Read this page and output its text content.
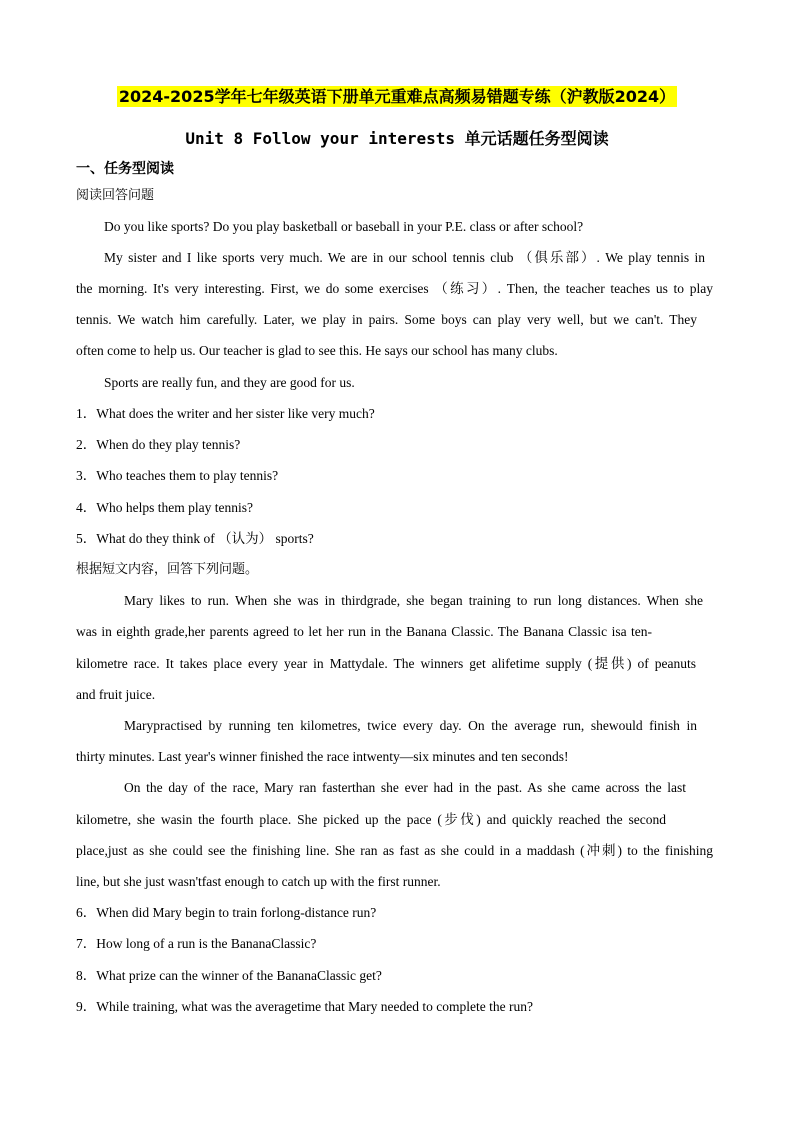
2024-2025学年七年级英语下册单元重难点高频易错题专练（沪教版2024）
Unit 8 Follow your interests 单元话题任务型阅读
一、任务型阅读
阅读回答问题
Do you like sports? Do you play basketball or baseball in your P.E. class or after school?
My sister and I like sports very much. We are in our school tennis club （俱乐部）. We play tennis in
the morning. It's very interesting. First, we do some exercises （练习）. Then, the teacher teaches us to play
tennis. We watch him carefully. Later, we play in pairs. Some boys can play very well, but we can't. They
often come to help us. Our teacher is glad to see this. He says our school has many clubs.
Sports are really fun, and they are good for us.
1．What does the writer and her sister like very much?
2．When do they play tennis?
3．Who teaches them to play tennis?
4．Who helps them play tennis?
5．What do they think of （认为） sports?
根据短文内容，回答下列问题。
Mary likes to run. When she was in thirdgrade, she began training to run long distances. When she
was in eighth grade,her parents agreed to let her run in the Banana Classic. The Banana Classic isa ten-
kilometre race. It takes place every year in Mattydale. The winners get alifetime supply (提供) of peanuts
and fruit juice.
Marypractised by running ten kilometres, twice every day. On the average run, shewould finish in
thirty minutes. Last year's winner finished the race intwenty—six minutes and ten seconds!
On the day of the race, Mary ran fasterthan she ever had in the past. As she came across the last
kilometre, she wasin the fourth place. She picked up the pace (步伐) and quickly reached the second
place,just as she could see the finishing line. She ran as fast as she could in a maddash (冲刺) to the finishing
line, but she just wasn'tfast enough to catch up with the first runner.
6．When did Mary begin to train forlong-distance run?
7．How long of a run is the BananaClassic?
8．What prize can the winner of the BananaClassic get?
9．While training, what was the averagetime that Mary needed to complete the run?
